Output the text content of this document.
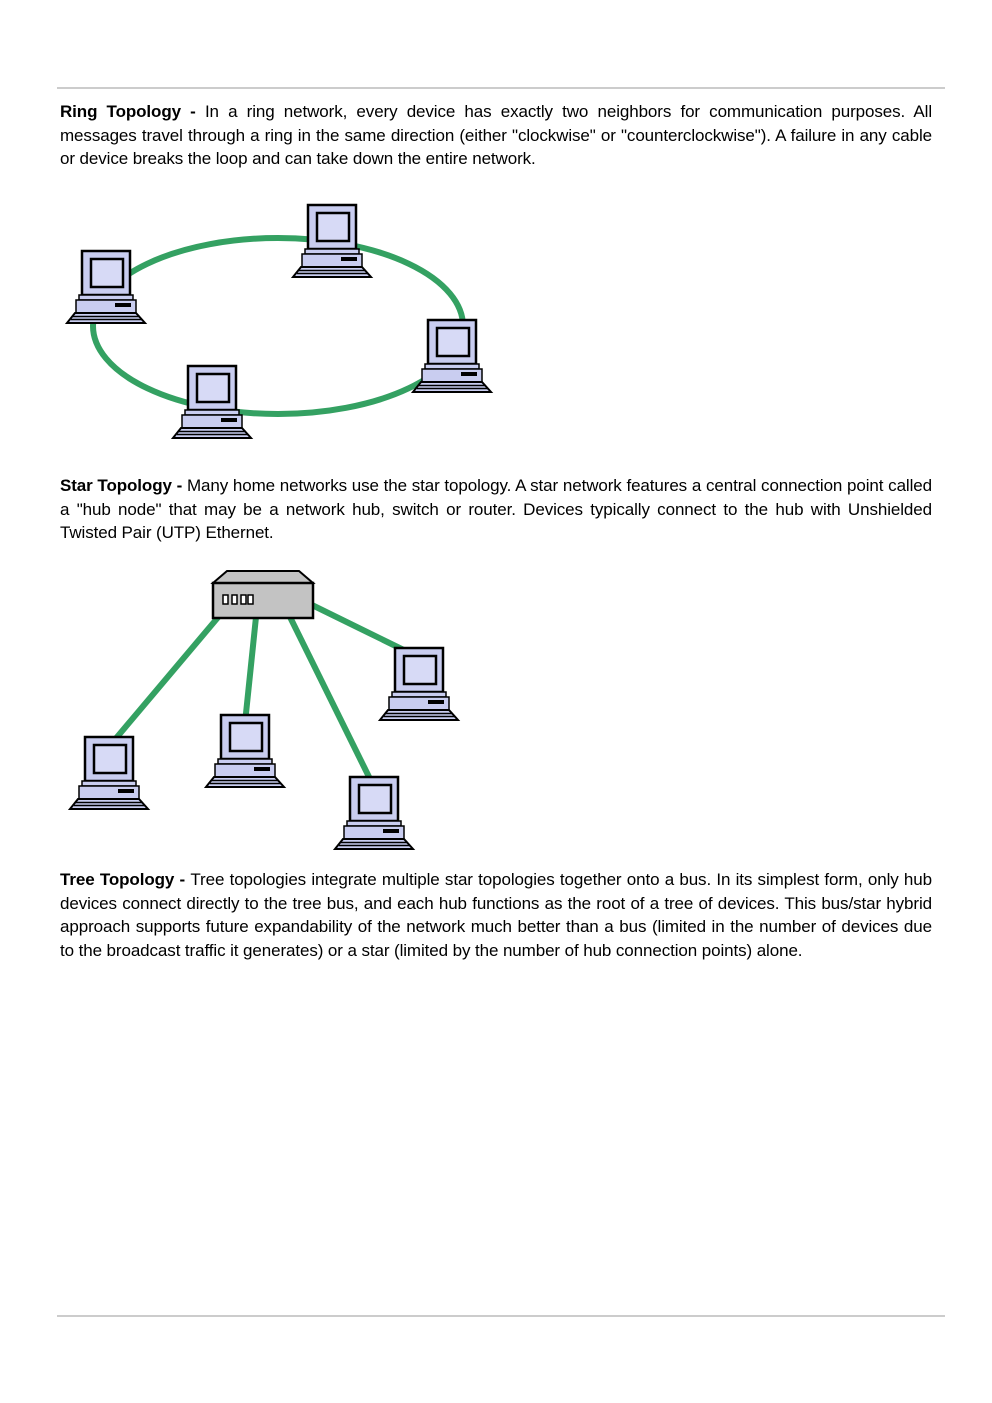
Ring Topology - In a ring network, every device has exactly two neighbors for communication purposes. All messages travel through a ring in the same direction (either "clockwise" or "counterclockwise"). A failure in any cable or device breaks the loop and can take down the entire network.

Star Topology - Many home networks use the star topology. A star network features a central connection point called a "hub node" that may be a network hub, switch or router. Devices typically connect to the hub with Unshielded Twisted Pair (UTP) Ethernet.

Tree Topology - Tree topologies integrate multiple star topologies together onto a bus. In its simplest form, only hub devices connect directly to the tree bus, and each hub functions as the root of a tree of devices. This bus/star hybrid approach supports future expandability of the network much better than a bus (limited in the number of devices due to the broadcast traffic it generates) or a star (limited by the number of hub connection points) alone.
